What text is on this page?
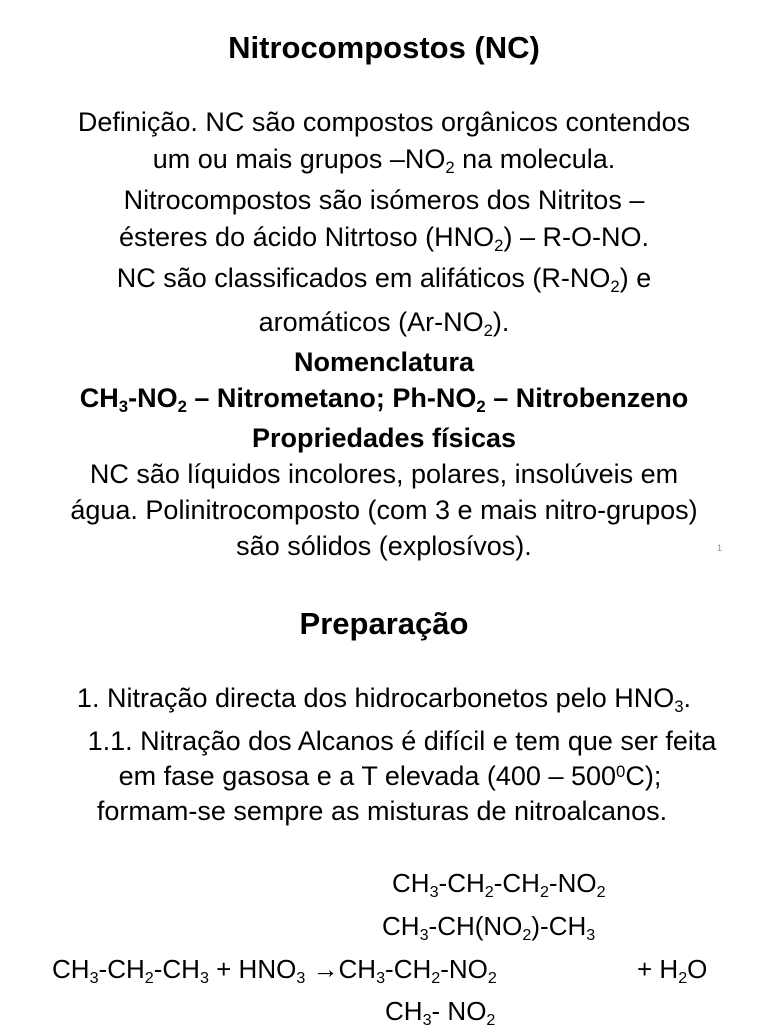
Nitrocompostos (NC)
Definição. NC são compostos orgânicos contendos
um ou mais grupos $-NO_2$ na molecula.
Nitrocompostos são isómeros dos Nitritos –
ésteres do ácido Nitrtoso $(HNO_2) - R-O-NO$.
NC são classificados em alifáticos $(R-NO_2)$ e
aromáticos $(Ar-NO_2)$.
Nomenclatura
$CH_3-NO_2$ – Nitrometano; $Ph-NO_2$ – Nitrobenzeno
Propriedades físicas
NC são líquidos incolores, polares, insolúveis em
água. Polinitrocomposto (com 3 e mais nitro-grupos)
são sólidos (explosívos).	1
Preparação
1. Nitração directa dos hidrocarbonetos pelo $HNO_3$.
1.1. Nitração dos Alcanos é difícil e tem que ser feita
em fase gasosa e a T elevada $(400 - 500^0C)$;
formam-se sempre as misturas de nitroalcanos.
$CH_3-CH_2-CH_2-NO_2$
$CH_3-CH(NO_2)-CH_3$
$CH_3-CH_2-CH_3 + HNO_3 \to CH_3-CH_2-NO_2$	+ $H_2O$
$CH_3-$ $NO_2$
